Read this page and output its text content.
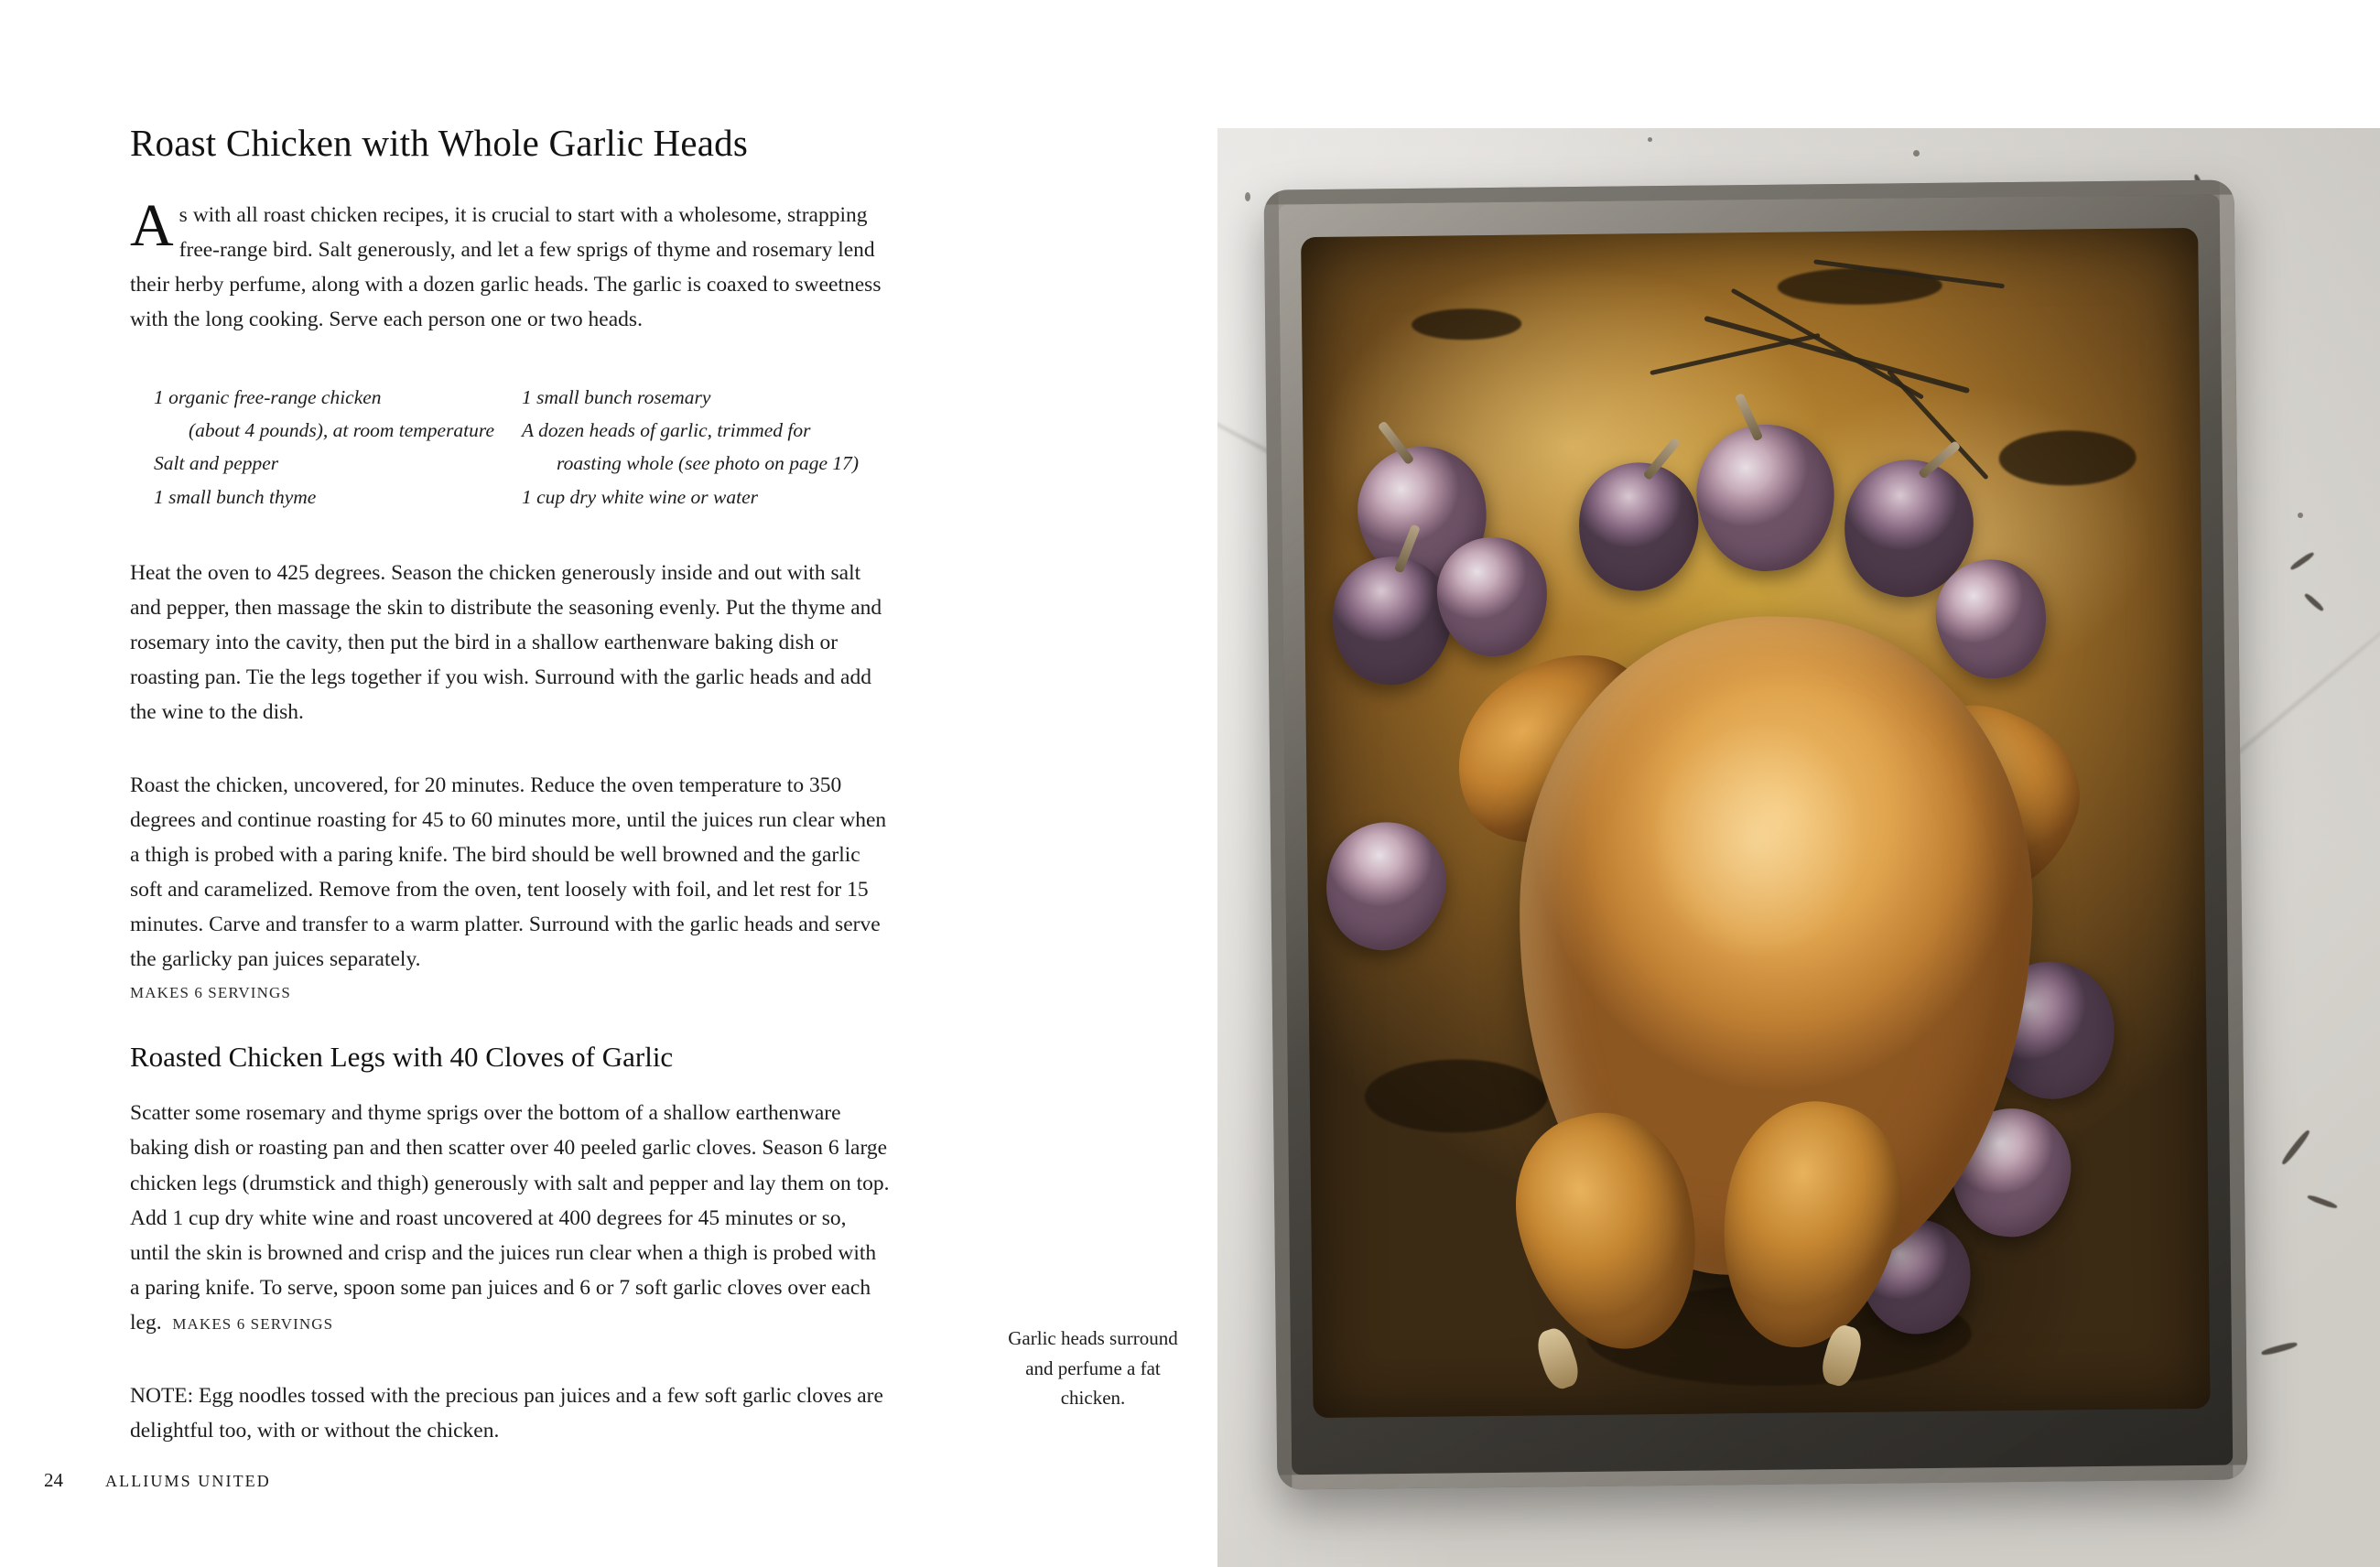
Roast Chicken with Whole Garlic Heads

As with all roast chicken recipes, it is crucial to start with a wholesome, strapping free-range bird. Salt generously, and let a few sprigs of thyme and rosemary lend their herby perfume, along with a dozen garlic heads. The garlic is coaxed to sweetness with the long cooking. Serve each person one or two heads.

1 organic free-range chicken

(about 4 pounds), at room temperature
Salt and pepper
1 small bunch thyme
1 small bunch rosemary
A dozen heads of garlic, trimmed for

roasting whole (see photo on page 17)
1 cup dry white wine or water

Heat the oven to 425 degrees. Season the chicken generously inside and out with salt and pepper, then massage the skin to distribute the seasoning evenly. Put the thyme and rosemary into the cavity, then put the bird in a shallow earthenware baking dish or roasting pan. Tie the legs together if you wish. Surround with the garlic heads and add the wine to the dish.

Roast the chicken, uncovered, for 20 minutes. Reduce the oven temperature to 350 degrees and continue roasting for 45 to 60 minutes more, until the juices run clear when a thigh is probed with a paring knife. The bird should be well browned and the garlic soft and caramelized. Remove from the oven, tent loosely with foil, and let rest for 15 minutes. Carve and transfer to a warm platter. Surround with the garlic heads and serve the garlicky pan juices separately.

MAKES 6 SERVINGS
Roasted Chicken Legs with 40 Cloves of Garlic

Scatter some rosemary and thyme sprigs over the bottom of a shallow earthenware baking dish or roasting pan and then scatter over 40 peeled garlic cloves. Season 6 large chicken legs (drumstick and thigh) generously with salt and pepper and lay them on top. Add 1 cup dry white wine and roast uncovered at 400 degrees for 45 minutes or so, until the skin is browned and crisp and the juices run clear when a thigh is probed with a paring knife. To serve, spoon some pan juices and 6 or 7 soft garlic cloves over each leg. MAKES 6 SERVINGS

NOTE: Egg noodles tossed with the precious pan juices and a few soft garlic cloves are delightful too, with or without the chicken.

24	ALLIUMS UNITED
Garlic heads surround and perfume a fat chicken.
